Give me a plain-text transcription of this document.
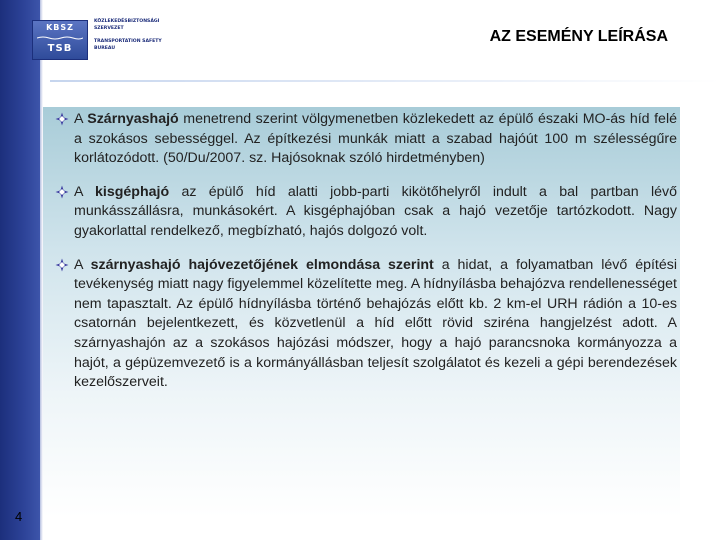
KBSZ
TSB
KÖZLEKEDÉSBIZTONSÁGI
SZERVEZET
TRANSPORTATION SAFETY
BUREAU
AZ ESEMÉNY LEÍRÁSA

A Szárnyashajó menetrend szerint völgymenetben közlekedett az épülő északi MO-ás híd felé a szokásos sebességgel. Az építkezési munkák miatt a szabad hajóút 100 m szélességűre korlátozódott. (50/Du/2007. sz. Hajósoknak szóló hirdetményben)

A kisgéphajó az épülő híd alatti jobb-parti kikötőhelyről indult a bal partban lévő munkásszállásra, munkásokért. A kisgéphajóban csak a hajó vezetője tartózkodott. Nagy gyakorlattal rendelkező, megbízható, hajós dolgozó volt.

A szárnyashajó hajóvezetőjének elmondása szerint a hidat, a folyamatban lévő építési tevékenység miatt nagy figyelemmel közelítette meg. A hídnyílásba behajózva rendellenességet nem tapasztalt. Az épülő hídnyílásba történő behajózás előtt kb. 2 km-el URH rádión a 10-es csatornán bejelentkezett, és közvetlenül a híd előtt rövid sziréna hangjelzést adott. A szárnyashajón az a szokásos hajózási módszer, hogy a hajó parancsnoka kormányozza a hajót, a gépüzemvezető is a kormányállásban teljesít szolgálatot és kezeli a gépi berendezések kezelőszerveit.

4
